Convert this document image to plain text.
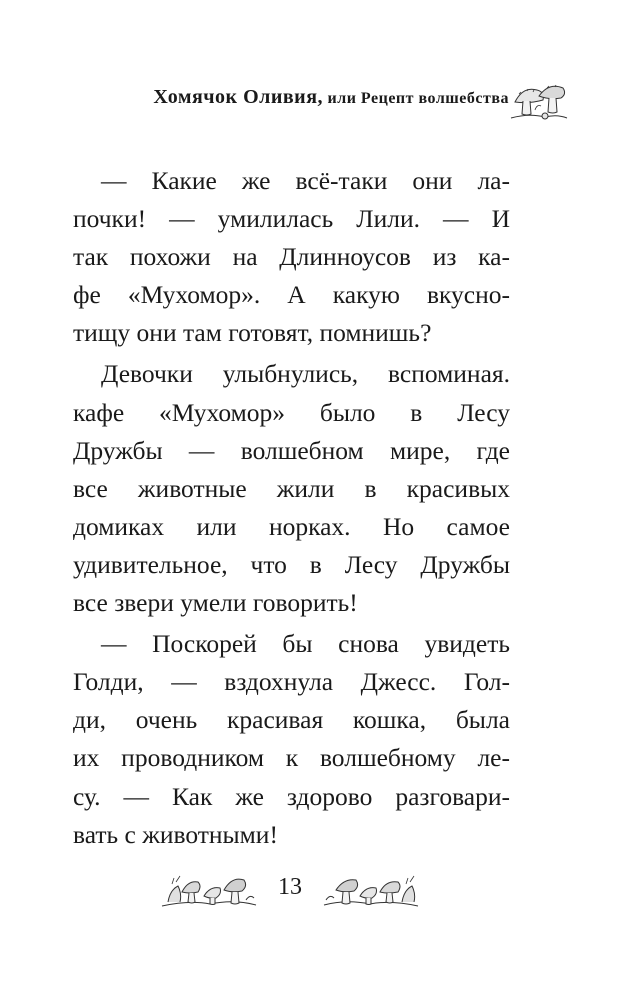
Хомячок Оливия, или Рецепт волшебства
— Какие же всё-таки они ла-
почки! — умилилась Лили. — И
так похожи на Длинноусов из ка-
фе «Мухомор». А какую вкусно-
тищу они там готовят, помнишь?
Девочки улыбнулись, вспоминая.
кафе «Мухомор» было в Лесу
Дружбы — волшебном мире, где
все животные жили в красивых
домиках или норках. Но самое
удивительное, что в Лесу Дружбы
все звери умели говорить!
— Поскорей бы снова увидеть
Голди, — вздохнула Джесс. Гол-
ди, очень красивая кошка, была
их проводником к волшебному ле-
су. — Как же здорово разговари-
вать с животными!
13
